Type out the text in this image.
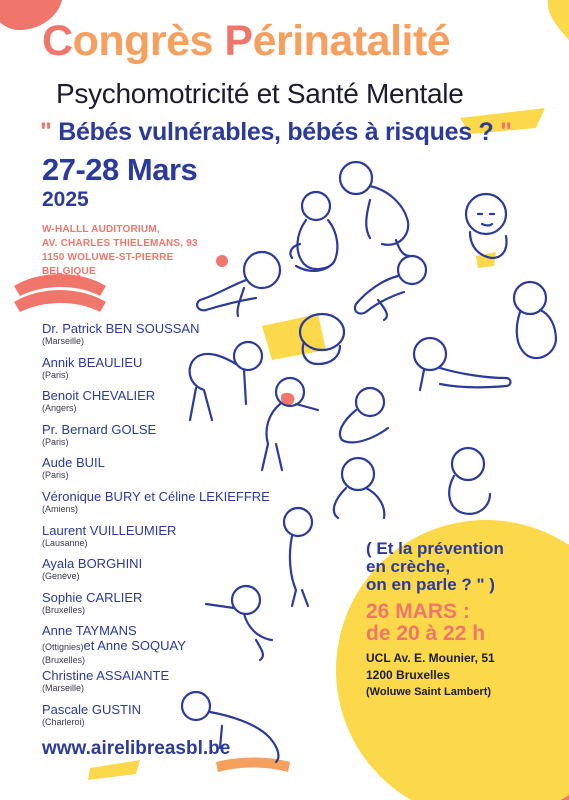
Congrès Périnatalité
Psychomotricité et Santé Mentale
" Bébés vulnérables, bébés à risques ? "
27-28 Mars
2025
W-HALLL AUDITORIUM,
AV. CHARLES THIELEMANS, 93
1150 WOLUWE-ST-PIERRE
BELGIQUE
Dr. Patrick BEN SOUSSAN
(Marseille)
Annik BEAULIEU
(Paris)
Benoit CHEVALIER
(Angers)
Pr. Bernard GOLSE
(Paris)
Aude BUIL
(Paris)
Véronique BURY et Céline LEKIEFFRE
(Amiens)
Laurent VUILLEUMIER
(Lausanne)
Ayala BORGHINI
(Genève)
Sophie CARLIER
(Bruxelles)
Anne TAYMANS
(Ottignies)et Anne SOQUAY
(Bruxelles)
Christine ASSAIANTE
(Marseille)
Pascale GUSTIN
(Charleroi)
www.airelibreasbl.be
( Et la prévention
en crèche,
on en parle ? " )
26 MARS :
de 20 à 22 h
UCL Av. E. Mounier, 51
1200 Bruxelles
(Woluwe Saint Lambert)
